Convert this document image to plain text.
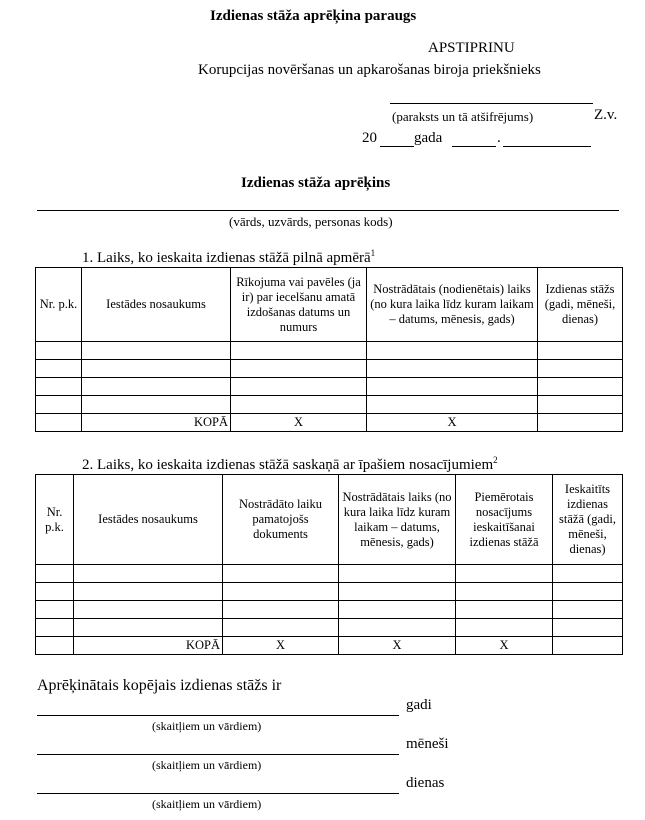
Izdienas stāža aprēķina paraugs
APSTIPRINU
Korupcijas novēršanas un apkarošanas biroja priekšnieks
(paraksts un tā atšifrējums)	Z.v.
20 gada	.
Izdienas stāža aprēķins
(vārds, uzvārds, personas kods)
1. Laiks, ko ieskaita izdienas stāžā pilnā apmērā$^1$
Nr. p.k.	Iestādes nosaukums	Rīkojuma vai pavēles (ja ir) par iecelšanu amatā izdošanas datums un numurs	Nostrādātais (nodienētais) laiks (no kura laika līdz kuram laikam – datums, mēnesis, gads)	Izdienas stāžs (gadi, mēneši, dienas)

	KOPĀ	X	X	
2. Laiks, ko ieskaita izdienas stāžā saskaņā ar īpašiem nosacījumiem$^2$
Nr. p.k.	Iestādes nosaukums	Nostrādāto laiku pamatojošs dokuments	Nostrādātais laiks (no kura laika līdz kuram laikam – datums, mēnesis, gads)	Piemērotais nosacījums ieskaitīšanai izdienas stāžā	Ieskaitīts izdienas stāžā (gadi, mēneši, dienas)

	KOPĀ	X	X	X	
Aprēķinātais kopējais izdienas stāžs ir
gadi
(skaitļiem un vārdiem)
mēneši
(skaitļiem un vārdiem)
dienas
(skaitļiem un vārdiem)
